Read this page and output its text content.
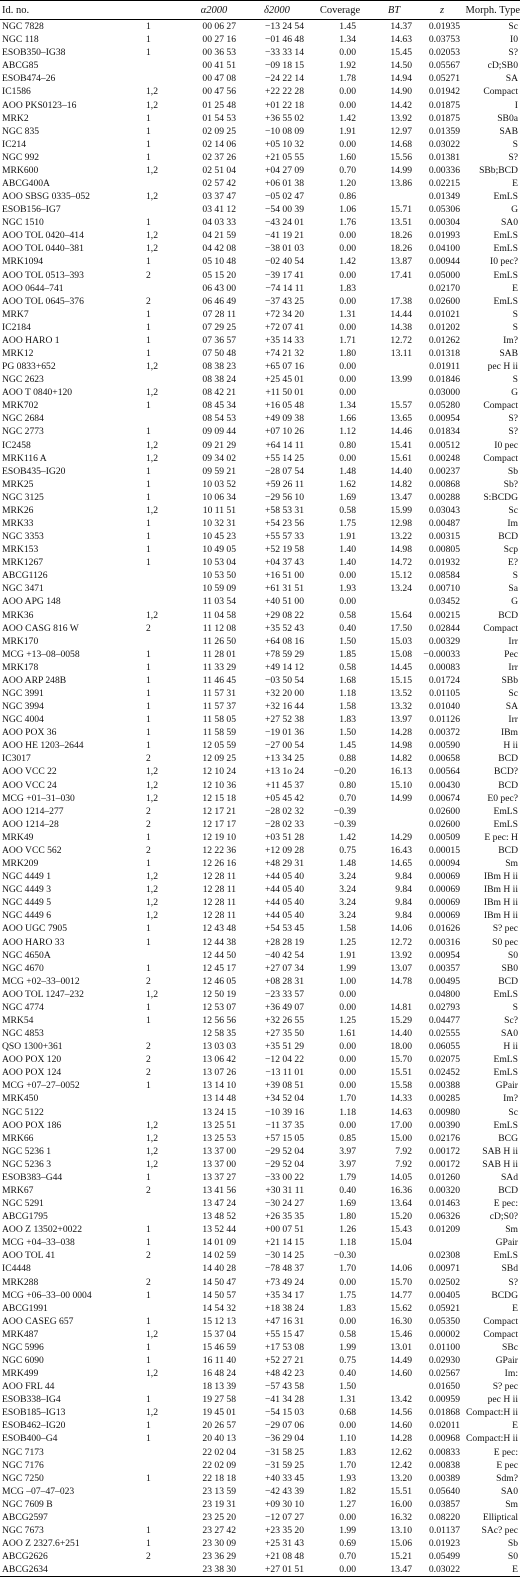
Id. no.		α2000	δ2000	Coverage	BT	z	Morph. Type
NGC 7828	1	00 06 27	−13 24 54	1.45	14.37	0.01935	Sc
NGC 118	1	00 27 16	−01 46 48	1.34	14.63	0.03753	I0
ESOB350–IG38	1	00 36 53	−33 33 14	0.00	15.45	0.02053	S?
ABCG85		00 41 51	−09 18 15	1.92	14.50	0.05567	cD;SB0
ESOB474–26		00 47 08	−24 22 14	1.78	14.94	0.05271	SA
IC1586	1,2	00 47 56	+22 22 28	0.00	14.90	0.01942	Compact
AOO PKS0123–16	1,2	01 25 48	+01 22 18	0.00	14.42	0.01875	I
MRK2	1	01 54 53	+36 55 02	1.42	13.92	0.01875	SB0a
NGC 835	1	02 09 25	−10 08 09	1.91	12.97	0.01359	SAB
IC214	1	02 14 06	+05 10 32	0.00	14.68	0.03022	S
NGC 992	1	02 37 26	+21 05 55	1.60	15.56	0.01381	S?
MRK600	1,2	02 51 04	+04 27 09	0.70	14.99	0.00336	SBb;BCD
ABCG400A		02 57 42	+06 01 38	1.20	13.86	0.02215	E
AOO SBSG 0335–052	1,2	03 37 47	−05 02 47	0.86		0.01349	EmLS
ESOB156–IG7		03 41 12	−54 00 39	1.06	15.71	0.05306	G
NGC 1510	1	04 03 33	−43 24 01	1.76	13.51	0.00304	SA0
AOO TOL 0420–414	1,2	04 21 59	−41 19 21	0.00	18.26	0.01993	EmLS
AOO TOL 0440–381	1,2	04 42 08	−38 01 03	0.00	18.26	0.04100	EmLS
MRK1094	1	05 10 48	−02 40 54	1.42	13.87	0.00944	I0 pec?
AOO TOL 0513–393	2	05 15 20	−39 17 41	0.00	17.41	0.05000	EmLS
AOO 0644–741		06 43 00	−74 14 11	1.83		0.02170	E
AOO TOL 0645–376	2	06 46 49	−37 43 25	0.00	17.38	0.02600	EmLS
MRK7	1	07 28 11	+72 34 20	1.31	14.44	0.01021	S
IC2184	1	07 29 25	+72 07 41	0.00	14.38	0.01202	S
AOO HARO 1	1	07 36 57	+35 14 33	1.71	12.72	0.01262	Im?
MRK12	1	07 50 48	+74 21 32	1.80	13.11	0.01318	SAB
PG 0833+652	1,2	08 38 23	+65 07 16	0.00		0.01911	pec H ii
NGC 2623		08 38 24	+25 45 01	0.00	13.99	0.01846	S
AOO T 0840+120	1,2	08 42 21	+11 50 01	0.00		0.03000	G
MRK702	1	08 45 34	+16 05 48	1.34	15.57	0.05280	Compact
NGC 2684		08 54 53	+49 09 38	1.66	13.65	0.00954	S?
NGC 2773	1	09 09 44	+07 10 26	1.12	14.46	0.01834	S?
IC2458	1,2	09 21 29	+64 14 11	0.80	15.41	0.00512	I0 pec
MRK116 A	1,2	09 34 02	+55 14 25	0.00	15.61	0.00248	Compact
ESOB435–IG20	1	09 59 21	−28 07 54	1.48	14.40	0.00237	Sb
MRK25	1	10 03 52	+59 26 11	1.62	14.82	0.00868	Sb?
NGC 3125	1	10 06 34	−29 56 10	1.69	13.47	0.00288	S:BCDG
MRK26	1,2	10 11 51	+58 53 31	0.58	15.99	0.03043	Sc
MRK33	1	10 32 31	+54 23 56	1.75	12.98	0.00487	Im
NGC 3353	1	10 45 23	+55 57 33	1.91	13.22	0.00315	BCD
MRK153	1	10 49 05	+52 19 58	1.40	14.98	0.00805	Scp
MRK1267	1	10 53 04	+04 37 43	1.40	14.72	0.01932	E?
ABCG1126		10 53 50	+16 51 00	0.00	15.12	0.08584	S
NGC 3471		10 59 09	+61 31 51	1.93	13.24	0.00710	Sa
AOO APG 148		11 03 54	+40 51 00	0.00		0.03452	G
MRK36	1,2	11 04 58	+29 08 22	0.58	15.64	0.00215	BCD
AOO CASG 816 W	2	11 12 08	+35 52 43	0.40	17.50	0.02844	Compact
MRK170		11 26 50	+64 08 16	1.50	15.03	0.00329	Irr
MCG +13–08–0058	1	11 28 01	+78 59 29	1.85	15.08	−0.00033	Pec
MRK178	1	11 33 29	+49 14 12	0.58	14.45	0.00083	Irr
AOO ARP 248B	1	11 46 45	−03 50 54	1.68	15.15	0.01724	SBb
NGC 3991	1	11 57 31	+32 20 00	1.18	13.52	0.01105	Sc
NGC 3994	1	11 57 37	+32 16 44	1.58	13.32	0.01040	SA
NGC 4004	1	11 58 05	+27 52 38	1.83	13.97	0.01126	Irr
AOO POX 36	1	11 58 59	−19 01 36	1.50	14.28	0.00372	IBm
AOO HE 1203–2644	1	12 05 59	−27 00 54	1.45	14.98	0.00590	H ii
IC3017	2	12 09 25	+13 34 25	0.88	14.82	0.00658	BCD
AOO VCC 22	1,2	12 10 24	+13 1o 24	−0.20	16.13	0.00564	BCD?
AOO VCC 24	1,2	12 10 36	+11 45 37	0.80	15.10	0.00430	BCD
MCG +01–31–030	1,2	12 15 18	+05 45 42	0.70	14.99	0.00674	E0 pec?
AOO 1214–277	2	12 17 21	−28 02 32	−0.39		0.02600	EmLS
AOO 1214–28	2	12 17 17	−28 02 33	−0.39		0.02600	EmLS
MRK49	1	12 19 10	+03 51 28	1.42	14.29	0.00509	E pec: H
AOO VCC 562	2	12 22 36	+12 09 28	0.75	16.43	0.00015	BCD
MRK209	1	12 26 16	+48 29 31	1.48	14.65	0.00094	Sm
NGC 4449 1	1,2	12 28 11	+44 05 40	3.24	9.84	0.00069	IBm H ii
NGC 4449 3	1,2	12 28 11	+44 05 40	3.24	9.84	0.00069	IBm H ii
NGC 4449 5	1,2	12 28 11	+44 05 40	3.24	9.84	0.00069	IBm H ii
NGC 4449 6	1,2	12 28 11	+44 05 40	3.24	9.84	0.00069	IBm H ii
AOO UGC 7905	1	12 43 48	+54 53 45	1.58	14.06	0.01626	S? pec
AOO HARO 33	1	12 44 38	+28 28 19	1.25	12.72	0.00316	S0 pec
NGC 4650A		12 44 50	−40 42 54	1.91	13.92	0.00954	S0
NGC 4670	1	12 45 17	+27 07 34	1.99	13.07	0.00357	SB0
MCG +02–33–0012	2	12 46 05	+08 28 31	1.00	14.78	0.00495	BCD
AOO TOL 1247–232	1,2	12 50 19	−23 33 57	0.00		0.04800	EmLS
NGC 4774	1	12 53 07	+36 49 07	0.00	14.81	0.02793	S
MRK54	1	12 56 56	+32 26 55	1.25	15.29	0.04477	Sc?
NGC 4853		12 58 35	+27 35 50	1.61	14.40	0.02555	SA0
QSO 1300+361	2	13 03 03	+35 51 29	0.00	18.00	0.06055	H ii
AOO POX 120	2	13 06 42	−12 04 22	0.00	15.70	0.02075	EmLS
AOO POX 124	2	13 07 26	−13 11 01	0.00	15.51	0.02452	EmLS
MCG +07–27–0052	1	13 14 10	+39 08 51	0.00	15.58	0.00388	GPair
MRK450		13 14 48	+34 52 04	1.70	14.33	0.00285	Im?
NGC 5122		13 24 15	−10 39 16	1.18	14.63	0.00980	Sc
AOO POX 186	1,2	13 25 51	−11 37 35	0.00	17.00	0.00390	EmLS
MRK66	1,2	13 25 53	+57 15 05	0.85	15.00	0.02176	BCG
NGC 5236 1	1,2	13 37 00	−29 52 04	3.97	7.92	0.00172	SAB H ii
NGC 5236 3	1,2	13 37 00	−29 52 04	3.97	7.92	0.00172	SAB H ii
ESOB383–G44	1	13 37 27	−33 00 22	1.79	14.05	0.01260	SAd
MRK67	2	13 41 56	+30 31 11	0.40	16.36	0.00320	BCD
NGC 5291		13 47 24	−30 24 27	1.69	13.64	0.01463	E pec:
ABCG1795		13 48 52	+26 35 35	1.80	15.20	0.06326	cD;S0?
AOO Z 13502+0022	1	13 52 44	+00 07 51	1.26	15.43	0.01209	Sm
MCG +04–33–038	1	14 01 09	+21 14 15	1.18	15.04		GPair
AOO TOL 41	2	14 02 59	−30 14 25	−0.30		0.02308	EmLS
IC4448		14 40 28	−78 48 37	1.70	14.06	0.00971	SBd
MRK288	2	14 50 47	+73 49 24	0.00	15.70	0.02502	S?
MCG +06–33–00 0004	1	14 50 57	+35 34 17	1.75	14.77	0.00405	BCDG
ABCG1991		14 54 32	+18 38 24	1.83	15.62	0.05921	E
AOO CASEG 657	1	15 12 13	+47 16 31	0.00	16.30	0.05350	Compact
MRK487	1,2	15 37 04	+55 15 47	0.58	15.46	0.00002	Compact
NGC 5996	1	15 46 59	+17 53 08	1.99	13.01	0.01100	SBc
NGC 6090	1	16 11 40	+52 27 21	0.75	14.49	0.02930	GPair
MRK499	1,2	16 48 24	+48 42 23	0.40	14.60	0.02567	Im:
AOO FRL 44		18 13 39	−57 43 58	1.50		0.01650	S? pec
ESOB338–IG4	1	19 27 58	−41 34 28	1.31	13.42	0.00959	pec H ii
ESOB185–IG13	1,2	19 45 01	−54 15 03	0.68	14.56	0.01868	Compact:H ii
ESOB462–IG20	1	20 26 57	−29 07 06	0.00	14.60	0.02011	E
ESOB400–G4	1	20 40 13	−36 29 04	1.10	14.28	0.00968	Compact:H ii
NGC 7173		22 02 04	−31 58 25	1.83	12.62	0.00833	E pec:
NGC 7176		22 02 09	−31 59 25	1.70	12.42	0.00838	E pec
NGC 7250	1	22 18 18	+40 33 45	1.93	13.20	0.00389	Sdm?
MCG –07–47–023		23 13 59	−42 43 39	1.82	15.51	0.05640	SA0
NGC 7609 B		23 19 31	+09 30 10	1.27	16.00	0.03857	Sm
ABCG2597		23 25 20	−12 07 27	0.00	16.32	0.08220	Elliptical
NGC 7673	1	23 27 42	+23 35 20	1.99	13.10	0.01137	SAc? pec
AOO Z 2327.6+251	1	23 30 09	+25 31 43	0.69	15.06	0.01923	Sb
ABCG2626	2	23 36 29	+21 08 48	0.70	15.21	0.05499	S0
ABCG2634		23 38 30	+27 01 51	0.00	13.47	0.03022	E
